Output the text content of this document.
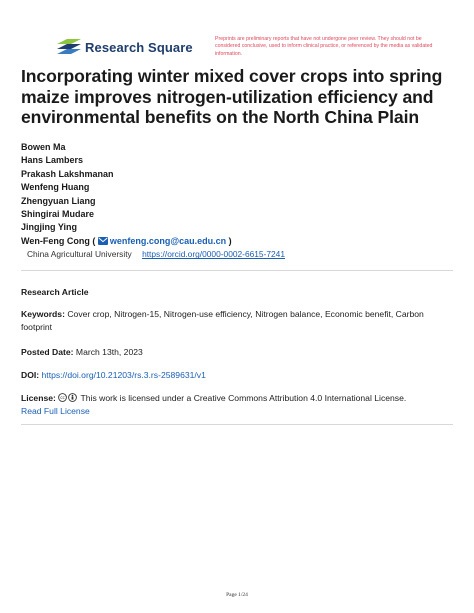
Research Square
Preprints are preliminary reports that have not undergone peer review. They should not be considered conclusive, used to inform clinical practice, or referenced by the media as validated information.
Incorporating winter mixed cover crops into spring maize improves nitrogen-utilization efficiency and environmental benefits on the North China Plain
Bowen Ma
Hans Lambers
Prakash Lakshmanan
Wenfeng Huang
Zhengyuan Liang
Shingirai Mudare
Jingjing Ying
Wen-Feng Cong ( wenfeng.cong@cau.edu.cn )
China Agricultural University https://orcid.org/0000-0002-6615-7241
Research Article
Keywords: Cover crop, Nitrogen-15, Nitrogen-use efficiency, Nitrogen balance, Economic benefit, Carbon footprint
Posted Date: March 13th, 2023
DOI: https://doi.org/10.21203/rs.3.rs-2589631/v1
License: cc This work is licensed under a Creative Commons Attribution 4.0 International License.
Read Full License
Page 1/24
